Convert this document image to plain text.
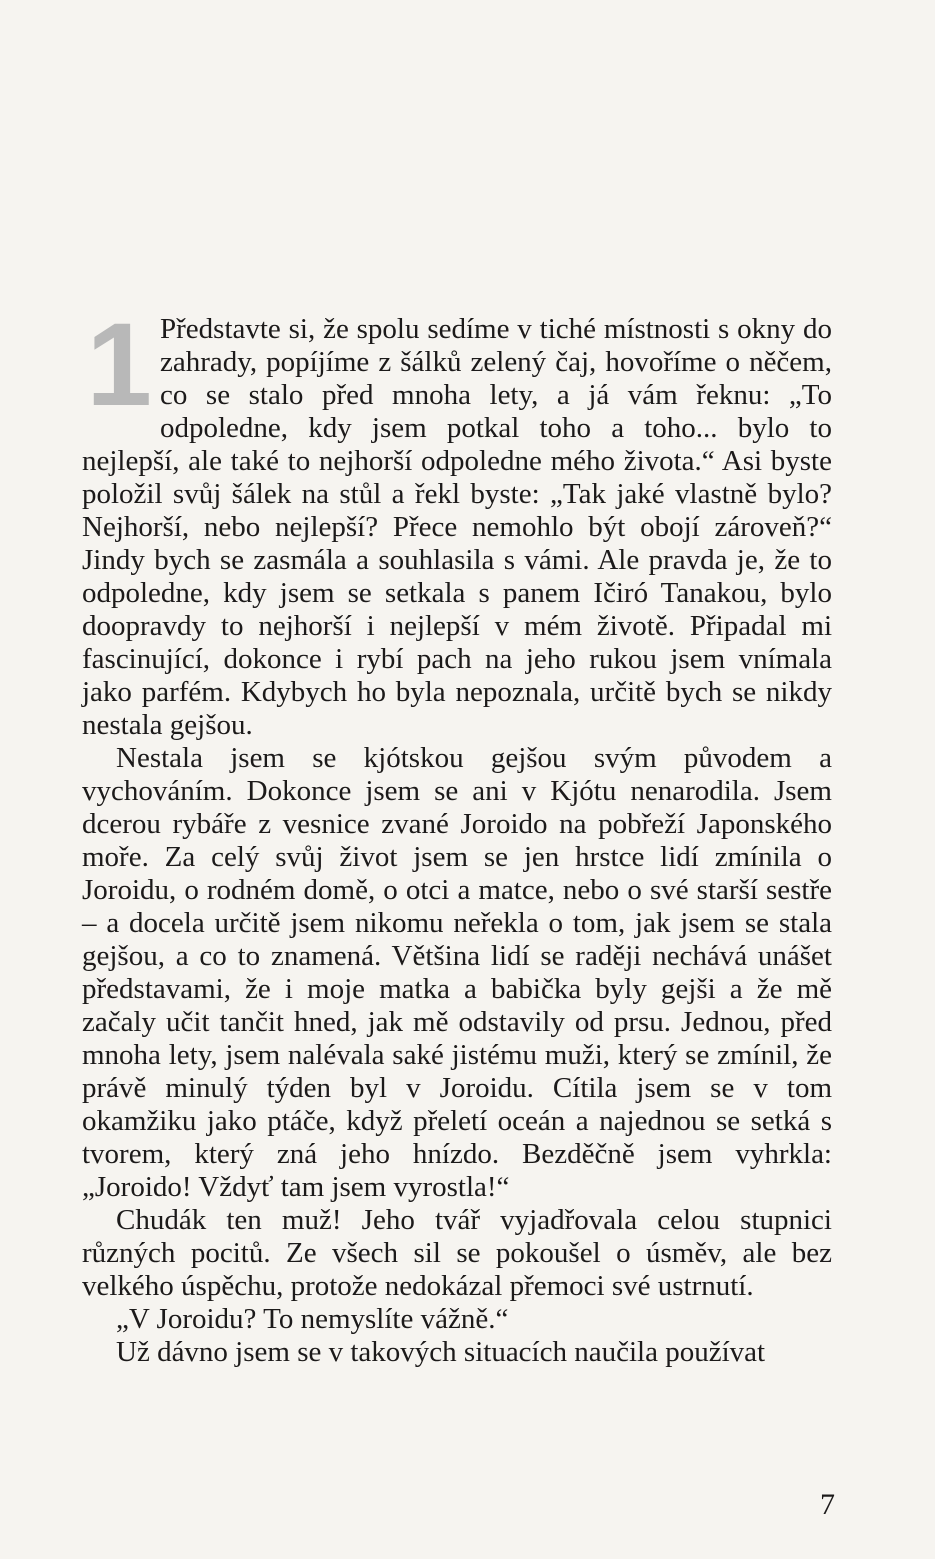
1 Představte si, že spolu sedíme v tiché místnosti s okny do zahrady, popíjíme z šálků zelený čaj, hovoříme o něčem, co se stalo před mnoha lety, a já vám řeknu: „To odpoledne, kdy jsem potkal toho a toho... bylo to nejlepší, ale také to nejhorší odpoledne mého života.“ Asi byste položil svůj šálek na stůl a řekl byste: „Tak jaké vlastně bylo? Nejhorší, nebo nejlepší? Přece nemohlo být obojí zároveň?“ Jindy bych se zasmála a souhlasila s vámi. Ale pravda je, že to odpoledne, kdy jsem se setkala s panem Ičiró Tanakou, bylo doopravdy to nejhorší i nejlepší v mém životě. Připadal mi fascinující, dokonce i rybí pach na jeho rukou jsem vnímala jako parfém. Kdybych ho byla nepoznala, určitě bych se nikdy nestala gejšou.

Nestala jsem se kjótskou gejšou svým původem a vychováním. Dokonce jsem se ani v Kjótu nenarodila. Jsem dcerou rybáře z vesnice zvané Joroido na pobřeží Japonského moře. Za celý svůj život jsem se jen hrstce lidí zmínila o Joroidu, o rodném domě, o otci a matce, nebo o své starší sestře – a docela určitě jsem nikomu neřekla o tom, jak jsem se stala gejšou, a co to znamená. Většina lidí se raději nechává unášet představami, že i moje matka a babička byly gejši a že mě začaly učit tančit hned, jak mě odstavily od prsu. Jednou, před mnoha lety, jsem nalévala saké jistému muži, který se zmínil, že právě minulý týden byl v Joroidu. Cítila jsem se v tom okamžiku jako ptáče, když přeletí oceán a najednou se setká s tvorem, který zná jeho hnízdo. Bezděčně jsem vyhrkla: „Joroido! Vždyť tam jsem vyrostla!“

Chudák ten muž! Jeho tvář vyjadřovala celou stupnici různých pocitů. Ze všech sil se pokoušel o úsměv, ale bez velkého úspěchu, protože nedokázal přemoci své ustrnutí.

„V Joroidu? To nemyslíte vážně.“

Už dávno jsem se v takových situacích naučila používat

7
